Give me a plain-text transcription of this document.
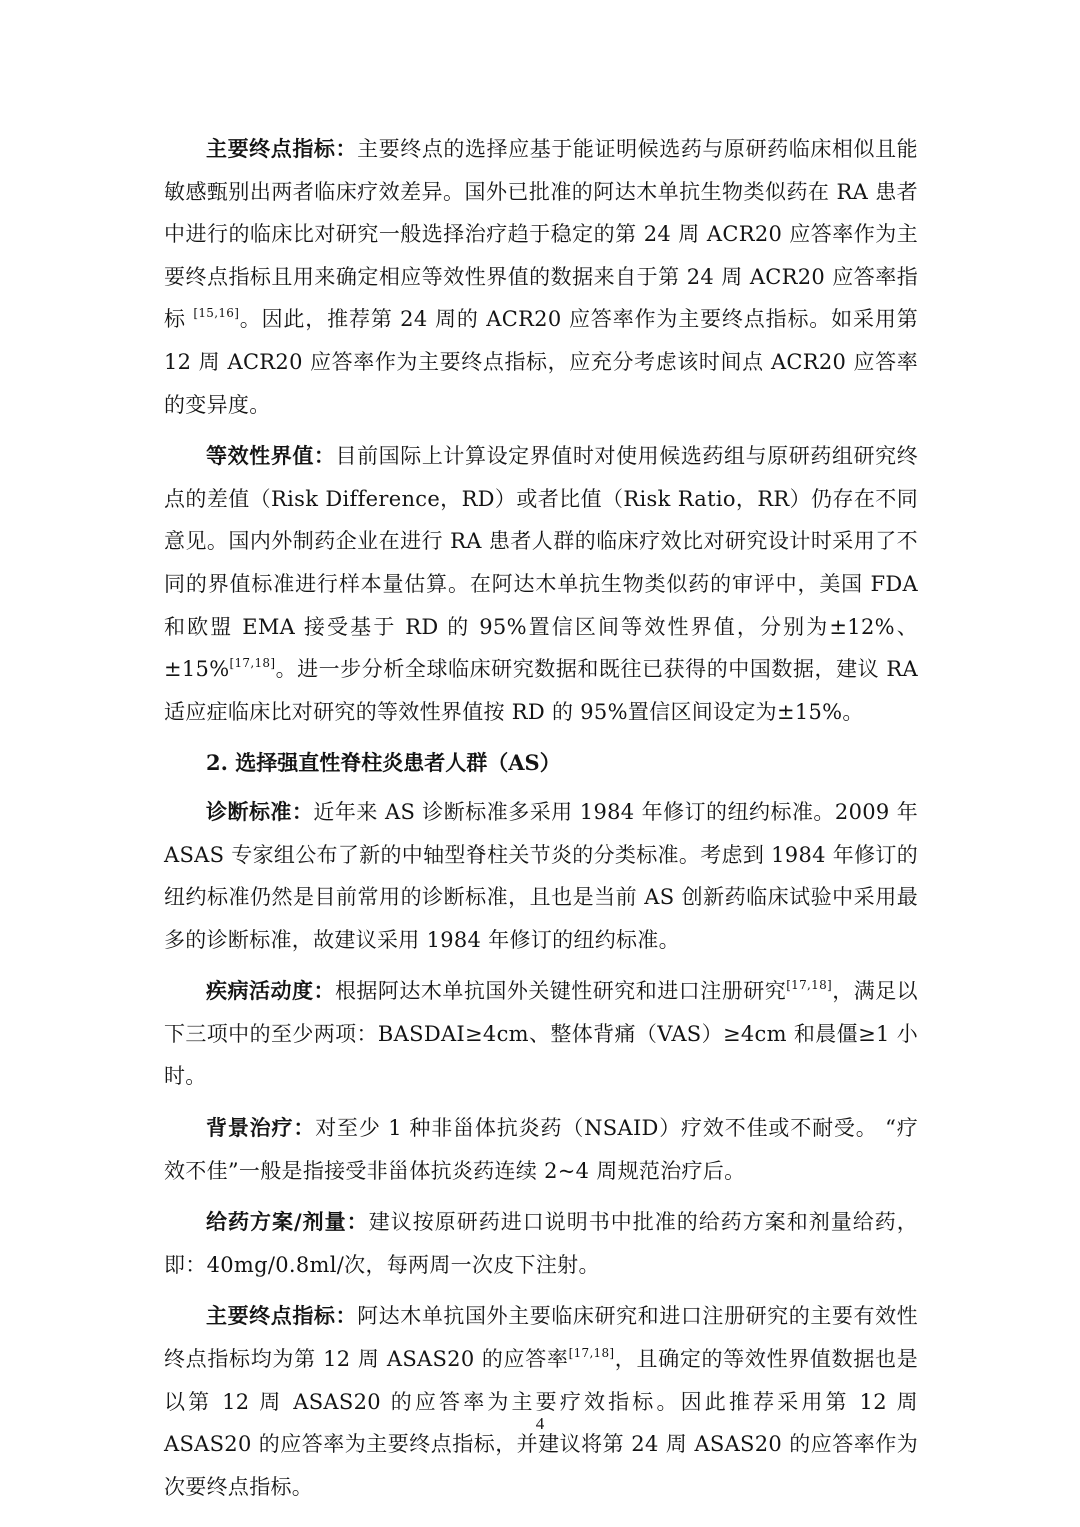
主要终点指标：主要终点的选择应基于能证明候选药与原研药临床相似且能敏感甄别出两者临床疗效差异。国外已批准的阿达木单抗生物类似药在 RA 患者中进行的临床比对研究一般选择治疗趋于稳定的第 24 周 ACR20 应答率作为主要终点指标且用来确定相应等效性界值的数据来自于第 24 周 ACR20 应答率指标 [15,16]。因此，推荐第 24 周的 ACR20 应答率作为主要终点指标。如采用第 12 周 ACR20 应答率作为主要终点指标，应充分考虑该时间点 ACR20 应答率的变异度。

等效性界值：目前国际上计算设定界值时对使用候选药组与原研药组研究终点的差值（Risk Difference，RD）或者比值（Risk Ratio，RR）仍存在不同意见。国内外制药企业在进行 RA 患者人群的临床疗效比对研究设计时采用了不同的界值标准进行样本量估算。在阿达木单抗生物类似药的审评中，美国 FDA 和欧盟 EMA 接受基于 RD 的 95%置信区间等效性界值，分别为±12%、±15%[17,18]。进一步分析全球临床研究数据和既往已获得的中国数据，建议 RA 适应症临床比对研究的等效性界值按 RD 的 95%置信区间设定为±15%。

2. 选择强直性脊柱炎患者人群（AS）

诊断标准：近年来 AS 诊断标准多采用 1984 年修订的纽约标准。2009 年 ASAS 专家组公布了新的中轴型脊柱关节炎的分类标准。考虑到 1984 年修订的纽约标准仍然是目前常用的诊断标准，且也是当前 AS 创新药临床试验中采用最多的诊断标准，故建议采用 1984 年修订的纽约标准。

疾病活动度：根据阿达木单抗国外关键性研究和进口注册研究[17,18]，满足以下三项中的至少两项：BASDAI≥4cm、整体背痛（VAS）≥4cm 和晨僵≥1 小时。

背景治疗：对至少 1 种非甾体抗炎药（NSAID）疗效不佳或不耐受。 “疗效不佳”一般是指接受非甾体抗炎药连续 2~4 周规范治疗后。

给药方案/剂量：建议按原研药进口说明书中批准的给药方案和剂量给药，即：40mg/0.8ml/次，每两周一次皮下注射。

主要终点指标：阿达木单抗国外主要临床研究和进口注册研究的主要有效性终点指标均为第 12 周 ASAS20 的应答率[17,18]，且确定的等效性界值数据也是以第 12 周 ASAS20 的应答率为主要疗效指标。因此推荐采用第 12 周 ASAS20 的应答率为主要终点指标，并建议将第 24 周 ASAS20 的应答率作为次要终点指标。

4
